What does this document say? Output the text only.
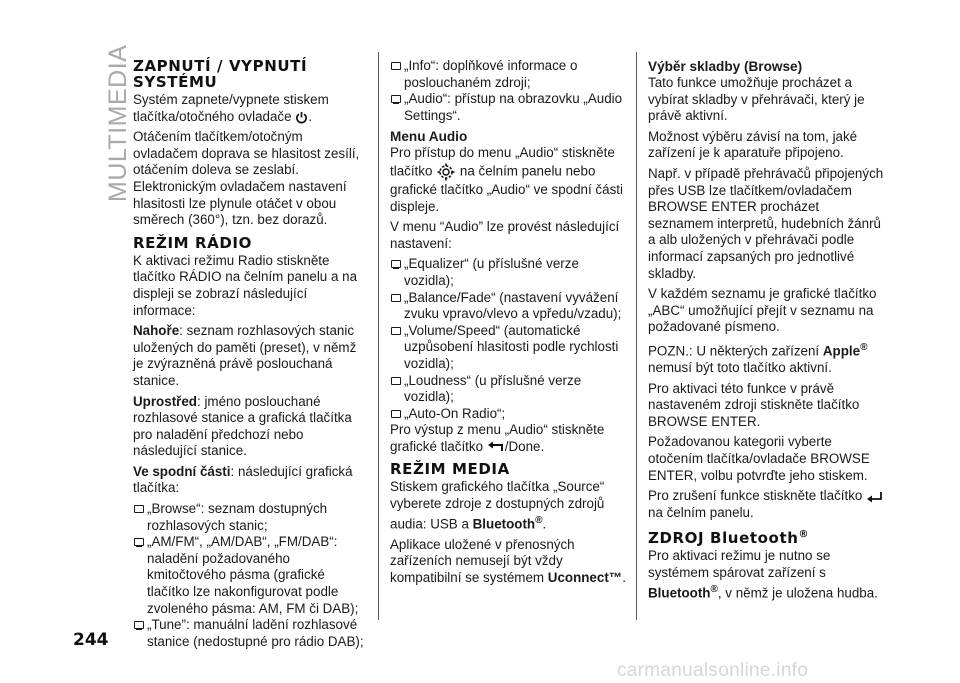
MULTIMEDIA ZAPNUTÍ / VYPNUTÍ SYSTÉMU

Systém zapnete/vypnete stiskem tlačítka/otočného ovladače .

Otáčením tlačítkem/otočným ovladačem doprava se hlasitost zesílí, otáčením doleva se zeslabí. Elektronickým ovladačem nastavení hlasitosti lze plynule otáčet v obou směrech (360°), tzn. bez dorazů.

REŽIM RÁDIO

K aktivaci režimu Radio stiskněte tlačítko RÁDIO na čelním panelu a na displeji se zobrazí následující informace:

Nahoře: seznam rozhlasových stanic uložených do paměti (preset), v němž je zvýrazněná právě poslouchaná stanice.

Uprostřed: jméno poslouchané rozhlasové stanice a grafická tlačítka pro naladění předchozí nebo následující stanice.

Ve spodní části: následující grafická tlačítka:

„Browse“: seznam dostupných rozhlasových stanic;

„AM/FM“, „AM/DAB“, „FM/DAB“: naladění požadovaného kmitočtového pásma (grafické tlačítko lze nakonfigurovat podle zvoleného pásma: AM, FM či DAB);

„Tune”: manuální ladění rozhlasové stanice (nedostupné pro rádio DAB);

„Info“: doplňkové informace o poslouchaném zdroji;

„Audio“: přístup na obrazovku „Audio Settings“.

Menu Audio

Pro přístup do menu „Audio“ stiskněte tlačítko na čelním panelu nebo grafické tlačítko „Audio“ ve spodní části displeje.

V menu “Audio” lze provést následující nastavení:

„Equalizer“ (u příslušné verze vozidla);

„Balance/Fade“ (nastavení vyvážení zvuku vpravo/vlevo a vpředu/vzadu);

„Volume/Speed“ (automatické uzpůsobení hlasitosti podle rychlosti vozidla);

„Loudness“ (u příslušné verze vozidla);

„Auto-On Radio“;

Pro výstup z menu „Audio“ stiskněte grafické tlačítko /Done.

REŽIM MEDIA

Stiskem grafického tlačítka „Source“ vyberete zdroje z dostupných zdrojů audia: USB a Bluetooth®.

Aplikace uložené v přenosných zařízeních nemusejí být vždy kompatibilní se systémem Uconnect™.

Výběr skladby (Browse)

Tato funkce umožňuje procházet a vybírat skladby v přehrávači, který je právě aktivní.

Možnost výběru závisí na tom, jaké zařízení je k aparatuře připojeno.

Např. v případě přehrávačů připojených přes USB lze tlačítkem/ovladačem BROWSE ENTER procházet seznamem interpretů, hudebních žánrů a alb uložených v přehrávači podle informací zapsaných pro jednotlivé skladby.

V každém seznamu je grafické tlačítko „ABC“ umožňující přejít v seznamu na požadované písmeno.

POZN.: U některých zařízení Apple® nemusí být toto tlačítko aktivní.

Pro aktivaci této funkce v právě nastaveném zdroji stiskněte tlačítko BROWSE ENTER.

Požadovanou kategorii vyberte otočením tlačítka/ovladače BROWSE ENTER, volbu potvrďte jeho stiskem.

Pro zrušení funkce stiskněte tlačítko  na čelním panelu.

ZDROJ Bluetooth®

Pro aktivaci režimu je nutno se systémem spárovat zařízení s Bluetooth®, v němž je uložena hudba.

244
carmanualsonline.info
